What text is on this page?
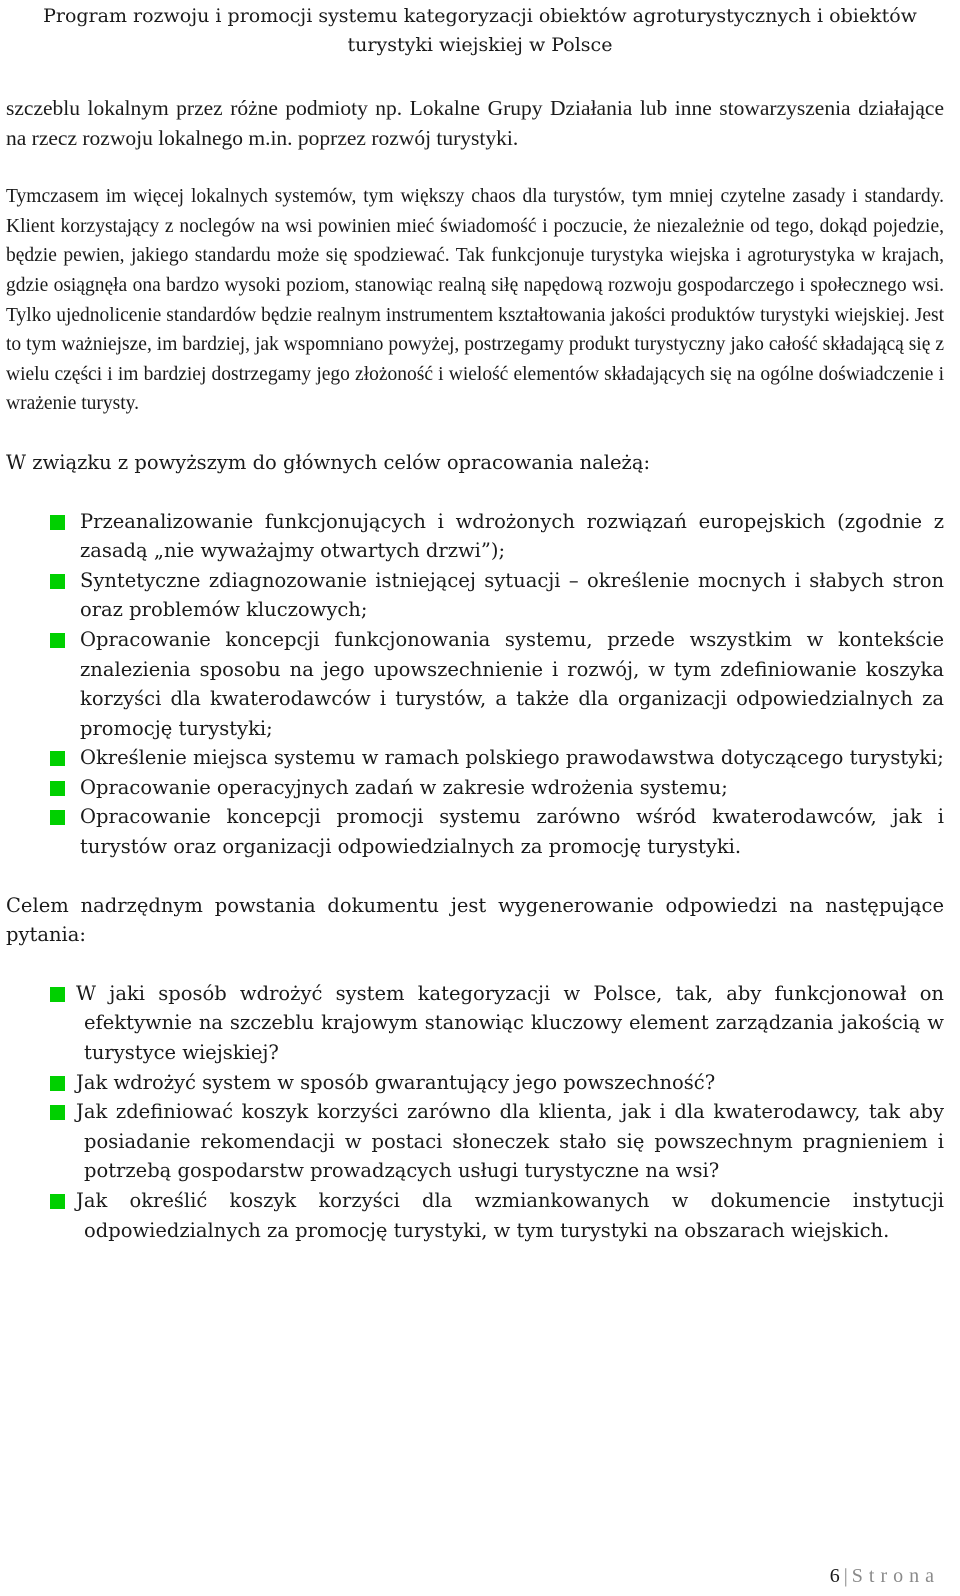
Program rozwoju i promocji systemu kategoryzacji obiektów agroturystycznych i obiektów turystyki wiejskiej w Polsce

szczeblu lokalnym przez różne podmioty np. Lokalne Grupy Działania lub inne stowarzyszenia działające na rzecz rozwoju lokalnego m.in. poprzez rozwój turystyki.

Tymczasem im więcej lokalnych systemów, tym większy chaos dla turystów, tym mniej czytelne zasady i standardy. Klient korzystający z noclegów na wsi powinien mieć świadomość i poczucie, że niezależnie od tego, dokąd pojedzie, będzie pewien, jakiego standardu może się spodziewać. Tak funkcjonuje turystyka wiejska i agroturystyka w krajach, gdzie osiągnęła ona bardzo wysoki poziom, stanowiąc realną siłę napędową rozwoju gospodarczego i społecznego wsi. Tylko ujednolicenie standardów będzie realnym instrumentem kształtowania jakości produktów turystyki wiejskiej. Jest to tym ważniejsze, im bardziej, jak wspomniano powyżej, postrzegamy produkt turystyczny jako całość składającą się z wielu części i im bardziej dostrzegamy jego złożoność i wielość elementów składających się na ogólne doświadczenie i wrażenie turysty.

W związku z powyższym do głównych celów opracowania należą:

Przeanalizowanie funkcjonujących i wdrożonych rozwiązań europejskich (zgodnie z zasadą „nie wyważajmy otwartych drzwi”);
Syntetyczne zdiagnozowanie istniejącej sytuacji – określenie mocnych i słabych stron oraz problemów kluczowych;
Opracowanie koncepcji funkcjonowania systemu, przede wszystkim w kontekście znalezienia sposobu na jego upowszechnienie i rozwój, w tym zdefiniowanie koszyka korzyści dla kwaterodawców i turystów, a także dla organizacji odpowiedzialnych za promocję turystyki;
Określenie miejsca systemu w ramach polskiego prawodawstwa dotyczącego turystyki;
Opracowanie operacyjnych zadań w zakresie wdrożenia systemu;
Opracowanie koncepcji promocji systemu zarówno wśród kwaterodawców, jak i turystów oraz organizacji odpowiedzialnych za promocję turystyki.

Celem nadrzędnym powstania dokumentu jest wygenerowanie odpowiedzi na następujące pytania:

W jaki sposób wdrożyć system kategoryzacji w Polsce, tak, aby funkcjonował on efektywnie na szczeblu krajowym stanowiąc kluczowy element zarządzania jakością w turystyce wiejskiej?
Jak wdrożyć system w sposób gwarantujący jego powszechność?
Jak zdefiniować koszyk korzyści zarówno dla klienta, jak i dla kwaterodawcy, tak aby posiadanie rekomendacji w postaci słoneczek stało się powszechnym pragnieniem i potrzebą gospodarstw prowadzących usługi turystyczne na wsi?
Jak określić koszyk korzyści dla wzmiankowanych w dokumencie instytucji odpowiedzialnych za promocję turystyki, w tym turystyki na obszarach wiejskich.
6 | Strona
